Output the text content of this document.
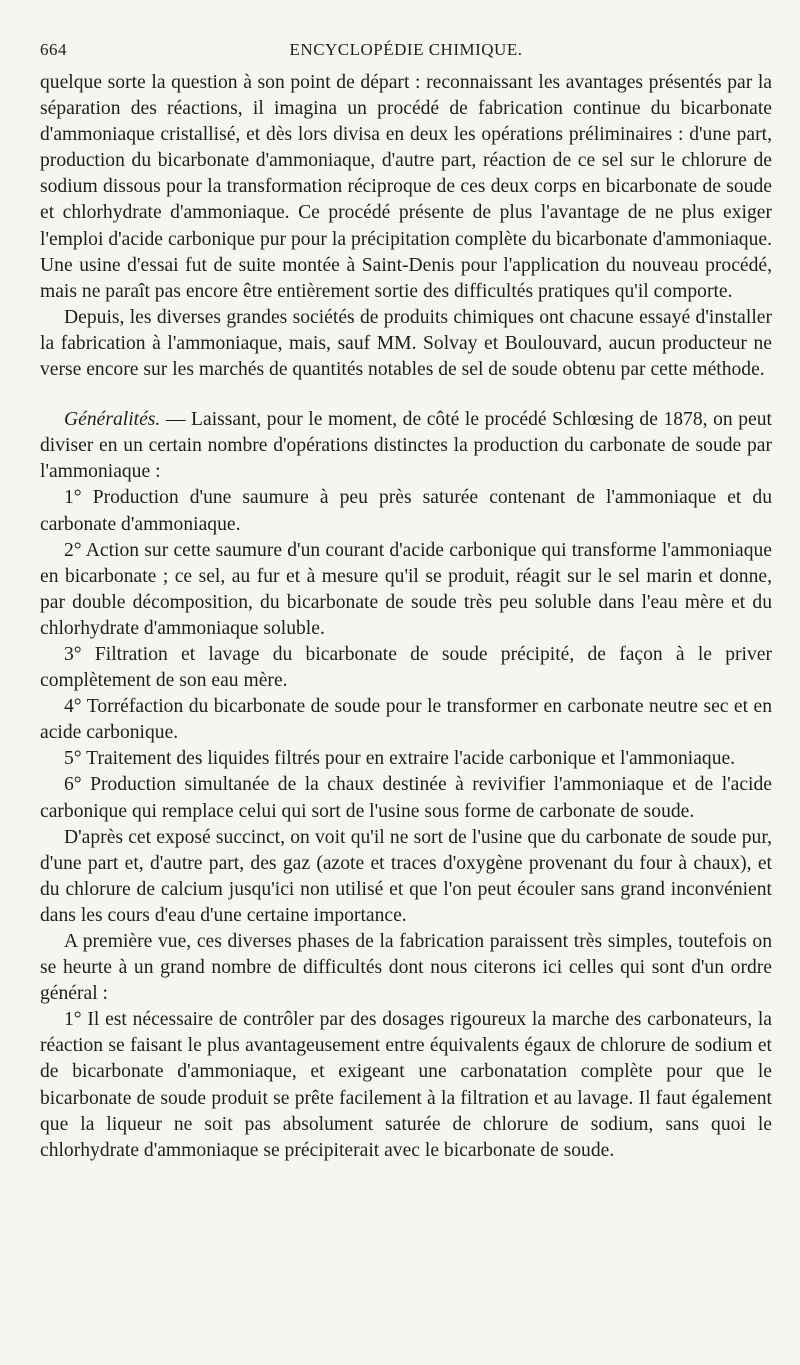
664	ENCYCLOPÉDIE CHIMIQUE.

quelque sorte la question à son point de départ : reconnaissant les avantages présentés par la séparation des réactions, il imagina un procédé de fabrication continue du bicarbonate d'ammoniaque cristallisé, et dès lors divisa en deux les opérations préliminaires : d'une part, production du bicarbonate d'ammoniaque, d'autre part, réaction de ce sel sur le chlorure de sodium dissous pour la transformation réciproque de ces deux corps en bicarbonate de soude et chlorhydrate d'ammoniaque. Ce procédé présente de plus l'avantage de ne plus exiger l'emploi d'acide carbonique pur pour la précipitation complète du bicarbonate d'ammoniaque. Une usine d'essai fut de suite montée à Saint-Denis pour l'application du nouveau procédé, mais ne paraît pas encore être entièrement sortie des difficultés pratiques qu'il comporte.

Depuis, les diverses grandes sociétés de produits chimiques ont chacune essayé d'installer la fabrication à l'ammoniaque, mais, sauf MM. Solvay et Boulouvard, aucun producteur ne verse encore sur les marchés de quantités notables de sel de soude obtenu par cette méthode.

Généralités. — Laissant, pour le moment, de côté le procédé Schlœsing de 1878, on peut diviser en un certain nombre d'opérations distinctes la production du carbonate de soude par l'ammoniaque :

1° Production d'une saumure à peu près saturée contenant de l'ammoniaque et du carbonate d'ammoniaque.

2° Action sur cette saumure d'un courant d'acide carbonique qui transforme l'ammoniaque en bicarbonate ; ce sel, au fur et à mesure qu'il se produit, réagit sur le sel marin et donne, par double décomposition, du bicarbonate de soude très peu soluble dans l'eau mère et du chlorhydrate d'ammoniaque soluble.

3° Filtration et lavage du bicarbonate de soude précipité, de façon à le priver complètement de son eau mère.

4° Torréfaction du bicarbonate de soude pour le transformer en carbonate neutre sec et en acide carbonique.

5° Traitement des liquides filtrés pour en extraire l'acide carbonique et l'ammoniaque.

6° Production simultanée de la chaux destinée à revivifier l'ammoniaque et de l'acide carbonique qui remplace celui qui sort de l'usine sous forme de carbonate de soude.

D'après cet exposé succinct, on voit qu'il ne sort de l'usine que du carbonate de soude pur, d'une part et, d'autre part, des gaz (azote et traces d'oxygène provenant du four à chaux), et du chlorure de calcium jusqu'ici non utilisé et que l'on peut écouler sans grand inconvénient dans les cours d'eau d'une certaine importance.

A première vue, ces diverses phases de la fabrication paraissent très simples, toutefois on se heurte à un grand nombre de difficultés dont nous citerons ici celles qui sont d'un ordre général :

1° Il est nécessaire de contrôler par des dosages rigoureux la marche des carbonateurs, la réaction se faisant le plus avantageusement entre équivalents égaux de chlorure de sodium et de bicarbonate d'ammoniaque, et exigeant une carbonatation complète pour que le bicarbonate de soude produit se prête facilement à la filtration et au lavage. Il faut également que la liqueur ne soit pas absolument saturée de chlorure de sodium, sans quoi le chlorhydrate d'ammoniaque se précipiterait avec le bicarbonate de soude.
